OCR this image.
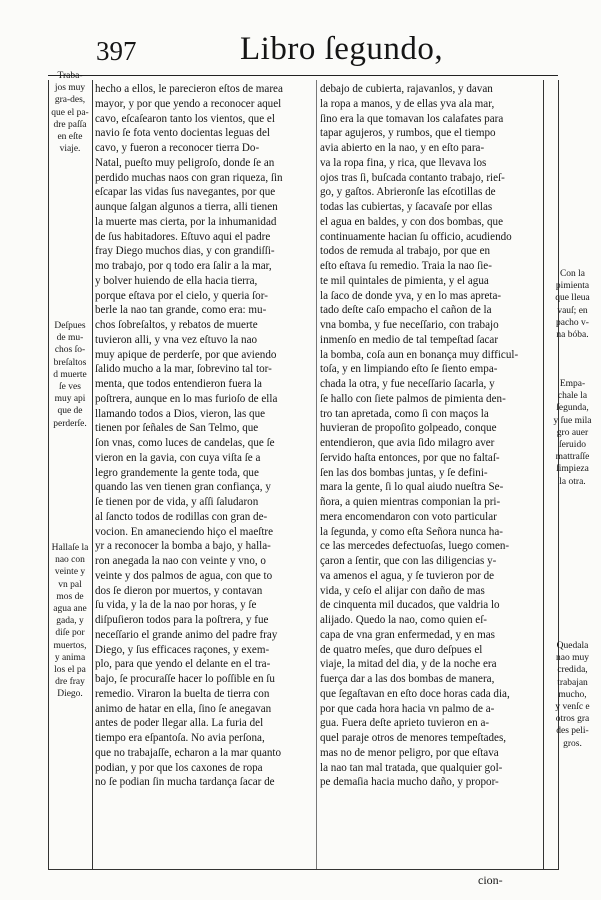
397	Libro ſegundo,
Traba-
jos muy
gra-des,
que el pa-
dre paſſa
en eſte
viaje.
Deſpues
de mu-
chos ſo-
breſaltos
d muerte
ſe ves
muy api
que de
perderſe.
Hallaſe la
nao con
veinte y
vn pal
mos de
agua ane
gada, y
diſe por
muertos,
y anima
los el pa
dre fray
Diego.
Con la
pimienta
que lleua
vauſ; en
pacho v-
na bóba.
Empa-
chale la
ſegunda,
y ſue mila
gro auer
ſeruido
mattraſſe
ſimpieza
la otra.
Quedala
nao muy
credida,
trabajan
mucho,
y venſc e
otros gra
des peli-
gros.
hecho a ellos, le parecieron eſtos de marea
mayor, y por que yendo a reconocer aquel
cavo, eſcaſearon tanto los vientos, que el
navio ſe fota vento docientas leguas del
cavo, y fueron a reconocer tierra Do-
Natal, pueſto muy peligroſo, donde ſe an
perdido muchas naos con gran riqueza, ſin
eſcapar las vidas ſus navegantes, por que
aunque ſalgan algunos a tierra, alli tienen
la muerte mas cierta, por la inhumanidad
de ſus habitadores. Eſtuvo aqui el padre
fray Diego muchos dias, y con grandiſſi-
mo trabajo, por q todo era ſalir a la mar,
y bolver huiendo de ella hacia tierra,
porque eſtava por el cielo, y queria ſor-
berle la nao tan grande, como era: mu-
chos ſobreſaltos, y rebatos de muerte
tuvieron alli, y vna vez eſtuvo la nao
muy apique de perderſe, por que aviendo
ſalido mucho a la mar, ſobrevino tal tor-
menta, que todos entendieron fuera la
poſtrera, aunque en lo mas furioſo de ella
llamando todos a Dios, vieron, las que
tienen por ſeñales de San Telmo, que
ſon vnas, como luces de candelas, que ſe
vieron en la gavia, con cuya viſta ſe a
legro grandemente la gente toda, que
quando las ven tienen gran confiança, y
ſe tienen por de vida, y aſſi ſaludaron
al ſancto todos de rodillas con gran de-
vocion. En amaneciendo hiço el maeſtre
yr a reconocer la bomba a bajo, y halla-
ron anegada la nao con veinte y vno, o
veinte y dos palmos de agua, con que to
dos ſe dieron por muertos, y contavan
ſu vida, y la de la nao por horas, y ſe
diſpuſieron todos para la poſtrera, y fue
neceſſario el grande animo del padre fray
Diego, y ſus efficaces raçones, y exem-
plo, para que yendo el delante en el tra-
bajo, ſe procuraſſe hacer lo poſſible en ſu
remedio. Viraron la buelta de tierra con
animo de hatar en ella, ſino ſe anegavan
antes de poder llegar alla. La furia del
tiempo era eſpantoſa. No avia perſona,
que no trabajaſſe, echaron a la mar quanto
podian, y por que los caxones de ropa
no ſe podian ſin mucha tardança ſacar de
debajo de cubierta, rajavanlos, y davan
la ropa a manos, y de ellas yva ala mar,
ſino era la que tomavan los calafates para
tapar agujeros, y rumbos, que el tiempo
avia abierto en la nao, y en eſto para-
va la ropa fina, y rica, que llevava los
ojos tras ſi, buſcada contanto trabajo, rieſ-
go, y gaſtos. Abrieronſe las eſcotillas de
todas las cubiertas, y ſacavaſe por ellas
el agua en baldes, y con dos bombas, que
continuamente hacian ſu officio, acudiendo
todos de remuda al trabajo, por que en
eſto eſtava ſu remedio. Traia la nao ſie-
te mil quintales de pimienta, y el agua
la ſaco de donde yva, y en lo mas apreta-
tado deſte caſo empacho el cañon de la
vna bomba, y fue neceſſario, con trabajo
inmenſo en medio de tal tempeſtad ſacar
la bomba, coſa aun en bonança muy difficul-
toſa, y en limpiando eſto ſe ſiento empa-
chada la otra, y fue neceſſario ſacarla, y
ſe hallo con ſiete palmos de pimienta den-
tro tan apretada, como ſi con maços la
huvieran de propoſito golpeado, conque
entendieron, que avia ſido milagro aver
ſervido haſta entonces, por que no faltaſ-
ſen las dos bombas juntas, y ſe defini-
mara la gente, ſi lo qual aiudo nueſtra Se-
ñora, a quien mientras componian la pri-
mera encomendaron con voto particular
la ſegunda, y como eſta Señora nunca ha-
ce las mercedes defectuoſas, luego comen-
çaron a ſentir, que con las diligencias y-
va amenos el agua, y ſe tuvieron por de
vida, y ceſo el alijar con daño de mas
de cinquenta mil ducados, que valdria lo
alijado. Quedo la nao, como quien eſ-
capa de vna gran enfermedad, y en mas
de quatro meſes, que duro deſpues el
viaje, la mitad del dia, y de la noche era
fuerça dar a las dos bombas de manera,
que ſegaſtavan en eſto doce horas cada dia,
por que cada hora hacia vn palmo de a-
gua. Fuera deſte aprieto tuvieron en a-
quel paraje otros de menores tempeſtades,
mas no de menor peligro, por que eſtava
la nao tan mal tratada, que qualquier gol-
pe demaſia hacia mucho daño, y propor-
cion-
